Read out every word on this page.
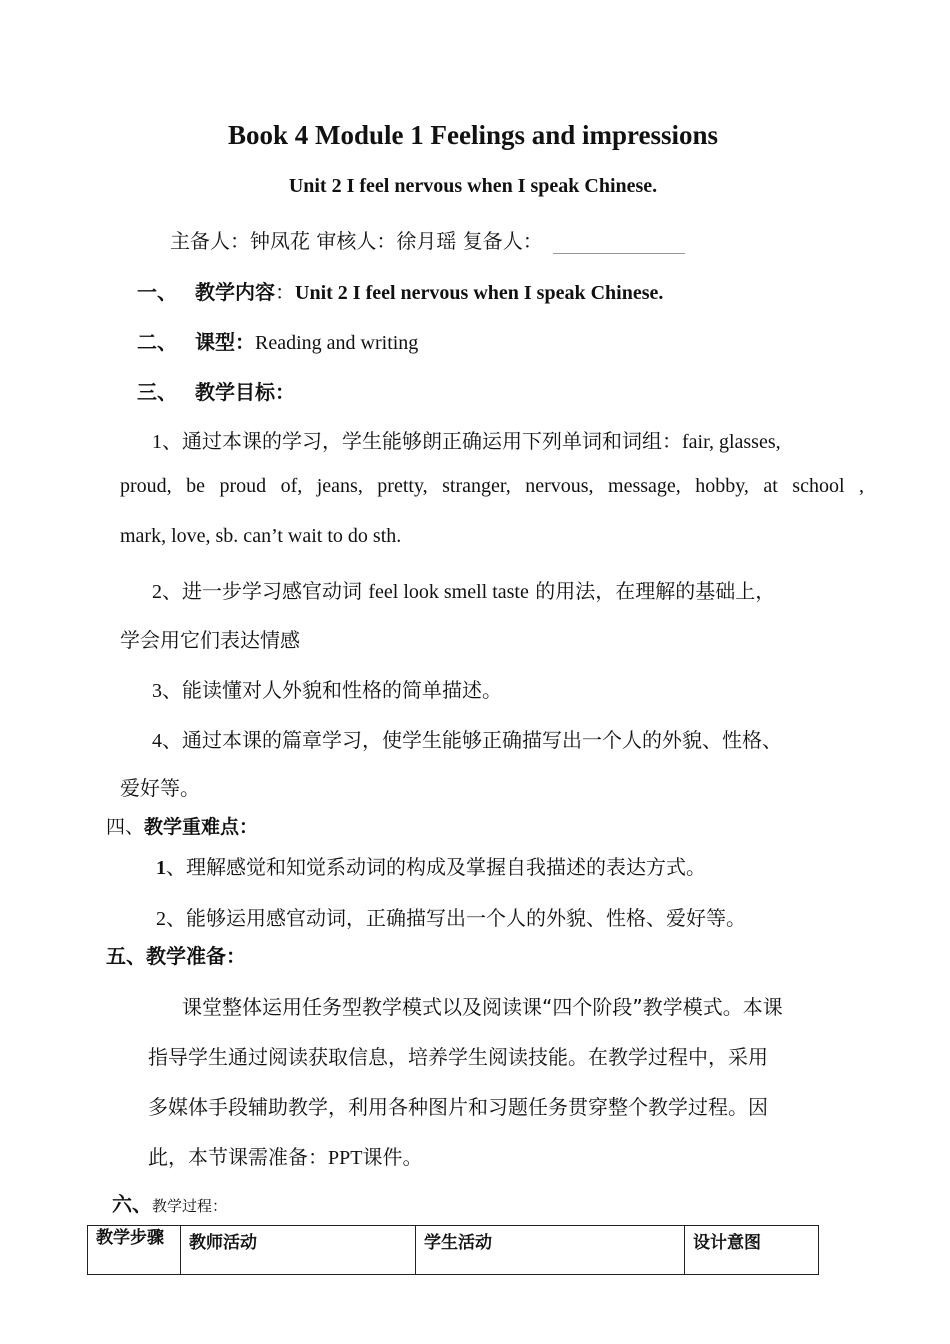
Book 4 Module 1 Feelings and impressions
Unit 2 I feel nervous when I speak Chinese.
主备人：钟凤花 审核人：徐月瑶 复备人：
一、 教学内容：Unit 2 I feel nervous when I speak Chinese.
二、 课型：Reading and writing
三、 教学目标：
1、通过本课的学习，学生能够朗正确运用下列单词和词组：fair, glasses,
proud, be proud of, jeans, pretty, stranger, nervous, message, hobby, at school ,
mark, love, sb. can’t wait to do sth.
2、进一步学习感官动词 feel look smell taste 的用法，在理解的基础上，
学会用它们表达情感
3、能读懂对人外貌和性格的简单描述。
4、通过本课的篇章学习，使学生能够正确描写出一个人的外貌、性格、
爱好等。
四、教学重难点：
1、理解感觉和知觉系动词的构成及掌握自我描述的表达方式。
2、能够运用感官动词，正确描写出一个人的外貌、性格、爱好等。
五、教学准备：
课堂整体运用任务型教学模式以及阅读课“四个阶段”教学模式。本课
指导学生通过阅读获取信息，培养学生阅读技能。在教学过程中，采用
多媒体手段辅助教学，利用各种图片和习题任务贯穿整个教学过程。因
此，本节课需准备：PPT课件。
六、教学过程：
教学步骤	教师活动	学生活动	设计意图
